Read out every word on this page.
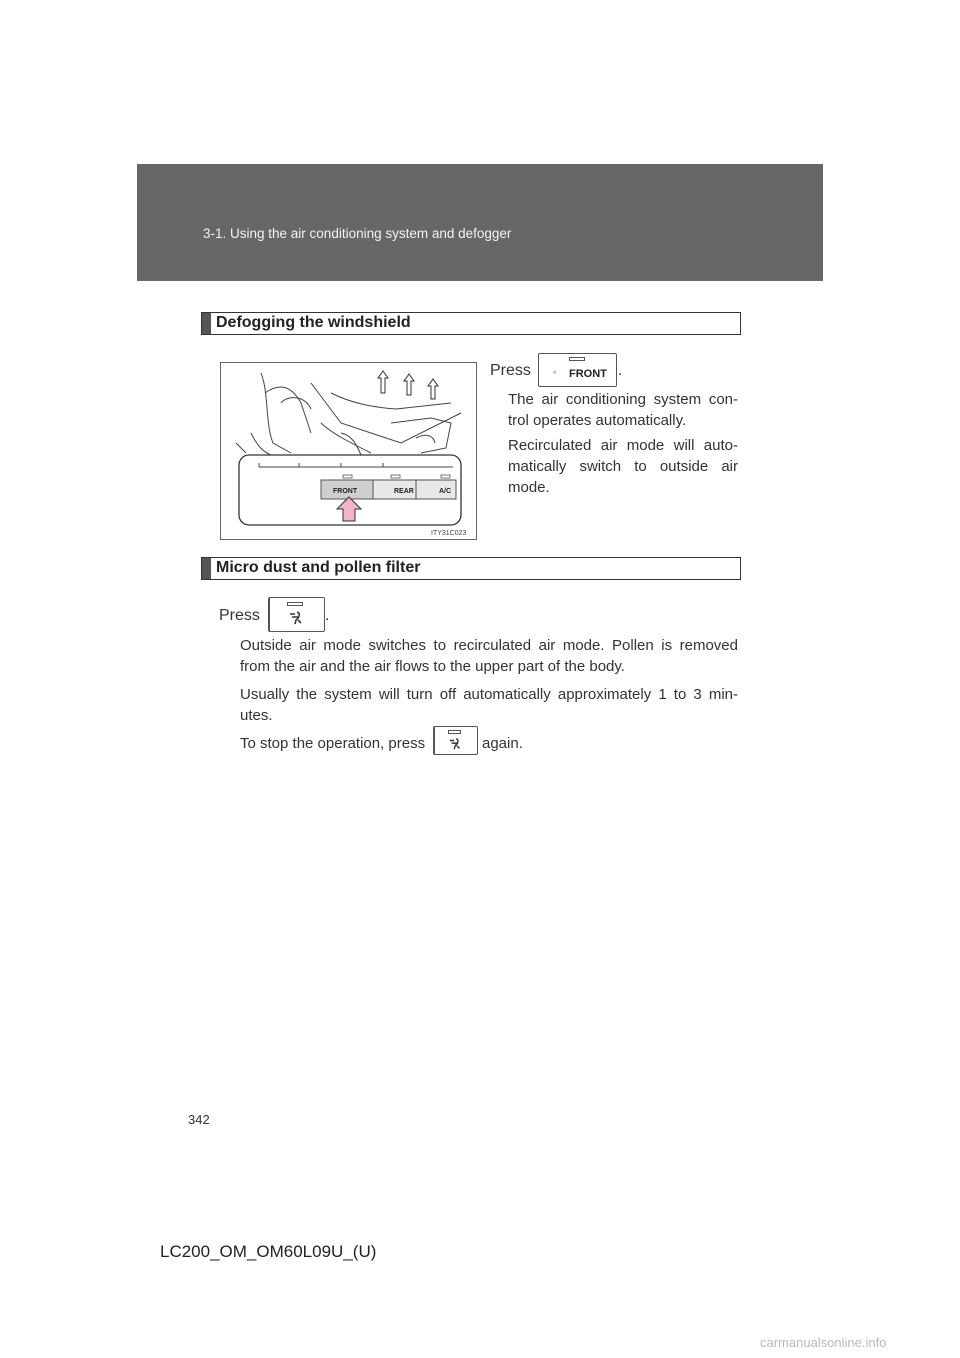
3-1. Using the air conditioning system and defogger
Defogging the windshield
FRONT	REAR	A/C
ITY31C023
Press ﾟ FRONT .
The air conditioning system con-
trol operates automatically.
Recirculated air mode will auto-
matically switch to outside air
mode.
Micro dust and pollen filter
Press	.
Outside air mode switches to recirculated air mode. Pollen is removed
from the air and the air flows to the upper part of the body.
Usually the system will turn off automatically approximately 1 to 3 min-
utes.
To stop the operation, press	again.
342
LC200_OM_OM60L09U_(U)
carmanualsonline.info
